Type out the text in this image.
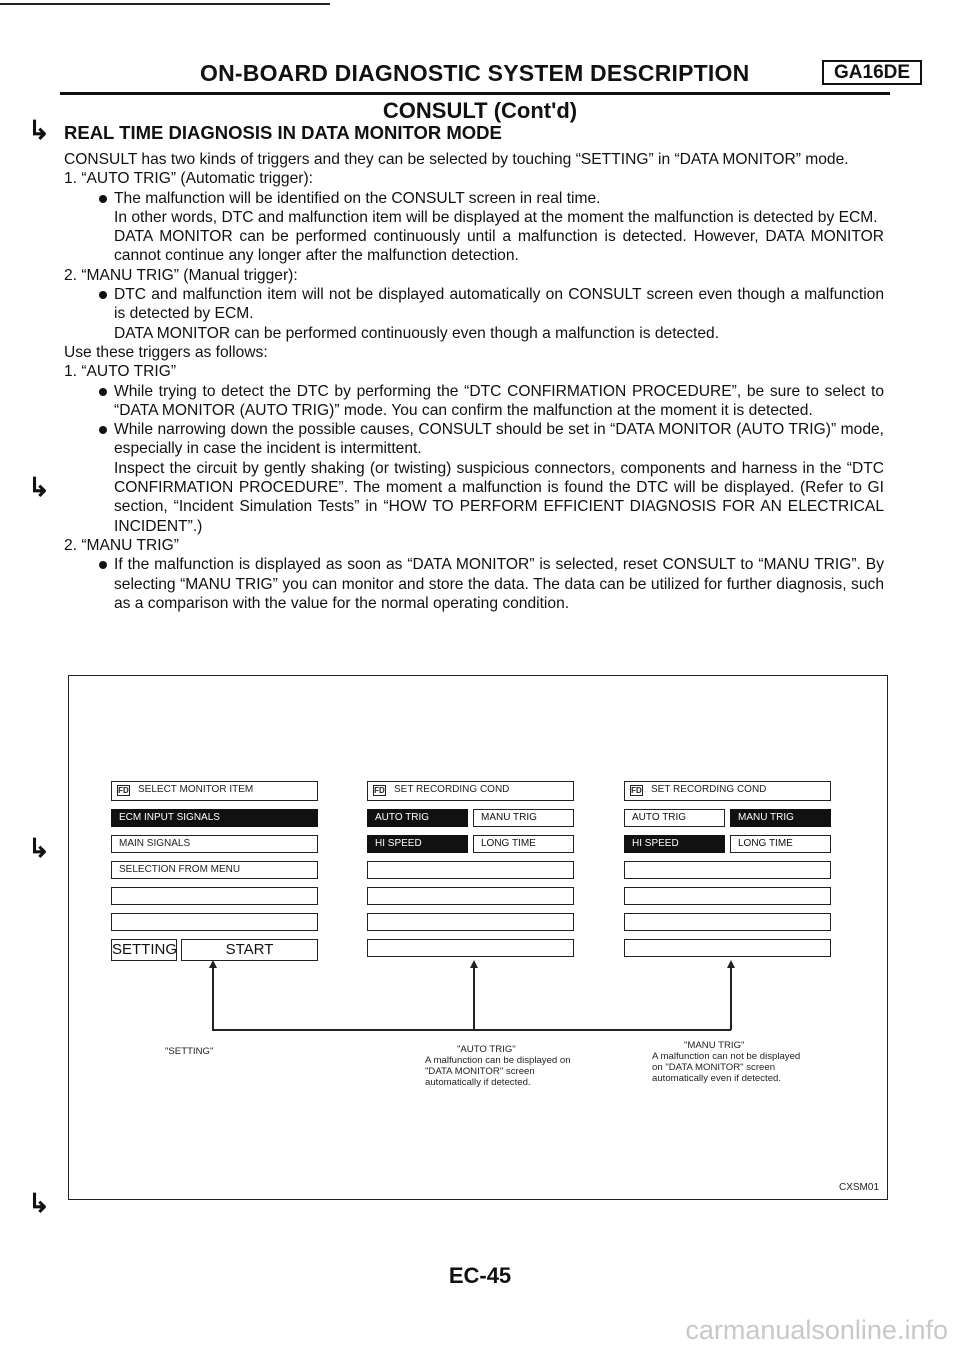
ON-BOARD DIAGNOSTIC SYSTEM DESCRIPTION	GA16DE
CONSULT (Cont'd)
↳
↳
↳
↳
REAL TIME DIAGNOSIS IN DATA MONITOR MODE

CONSULT has two kinds of triggers and they can be selected by touching “SETTING” in “DATA MONITOR” mode.

1. “AUTO TRIG” (Automatic trigger):

The malfunction will be identified on the CONSULT screen in real time.

In other words, DTC and malfunction item will be displayed at the moment the malfunction is detected by ECM.

DATA MONITOR can be performed continuously until a malfunction is detected. However, DATA MONITOR cannot continue any longer after the malfunction detection.

2. “MANU TRIG” (Manual trigger):

DTC and malfunction item will not be displayed automatically on CONSULT screen even though a malfunction is detected by ECM.

DATA MONITOR can be performed continuously even though a malfunction is detected.

Use these triggers as follows:

1. “AUTO TRIG”

While trying to detect the DTC by performing the “DTC CONFIRMATION PROCEDURE”, be sure to select to “DATA MONITOR (AUTO TRIG)” mode. You can confirm the malfunction at the moment it is detected.

While narrowing down the possible causes, CONSULT should be set in “DATA MONITOR (AUTO TRIG)” mode, especially in case the incident is intermittent.

Inspect the circuit by gently shaking (or twisting) suspicious connectors, components and harness in the “DTC CONFIRMATION PROCEDURE”. The moment a malfunction is found the DTC will be displayed. (Refer to GI section, “Incident Simulation Tests” in “HOW TO PERFORM EFFICIENT DIAGNOSIS FOR AN ELECTRICAL INCIDENT”.)

2. “MANU TRIG”

If the malfunction is displayed as soon as “DATA MONITOR” is selected, reset CONSULT to “MANU TRIG”. By selecting “MANU TRIG” you can monitor and store the data. The data can be utilized for further diagnosis, such as a comparison with the value for the normal operating condition.

FD SELECT MONITOR ITEM
ECM INPUT SIGNALS
MAIN SIGNALS
SELECTION FROM MENU
SETTING	START
FD SET RECORDING COND
AUTO TRIG	MANU TRIG
HI SPEED	LONG TIME
FD SET RECORDING COND
AUTO TRIG	MANU TRIG
HI SPEED	LONG TIME
"SETTING"	"AUTO TRIG"
A malfunction can be displayed on "DATA MONITOR" screen automatically if detected.
"MANU TRIG"
A malfunction can not be displayed on "DATA MONITOR" screen automatically even if detected.
CXSM01
EC-45
carmanualsonline.info
